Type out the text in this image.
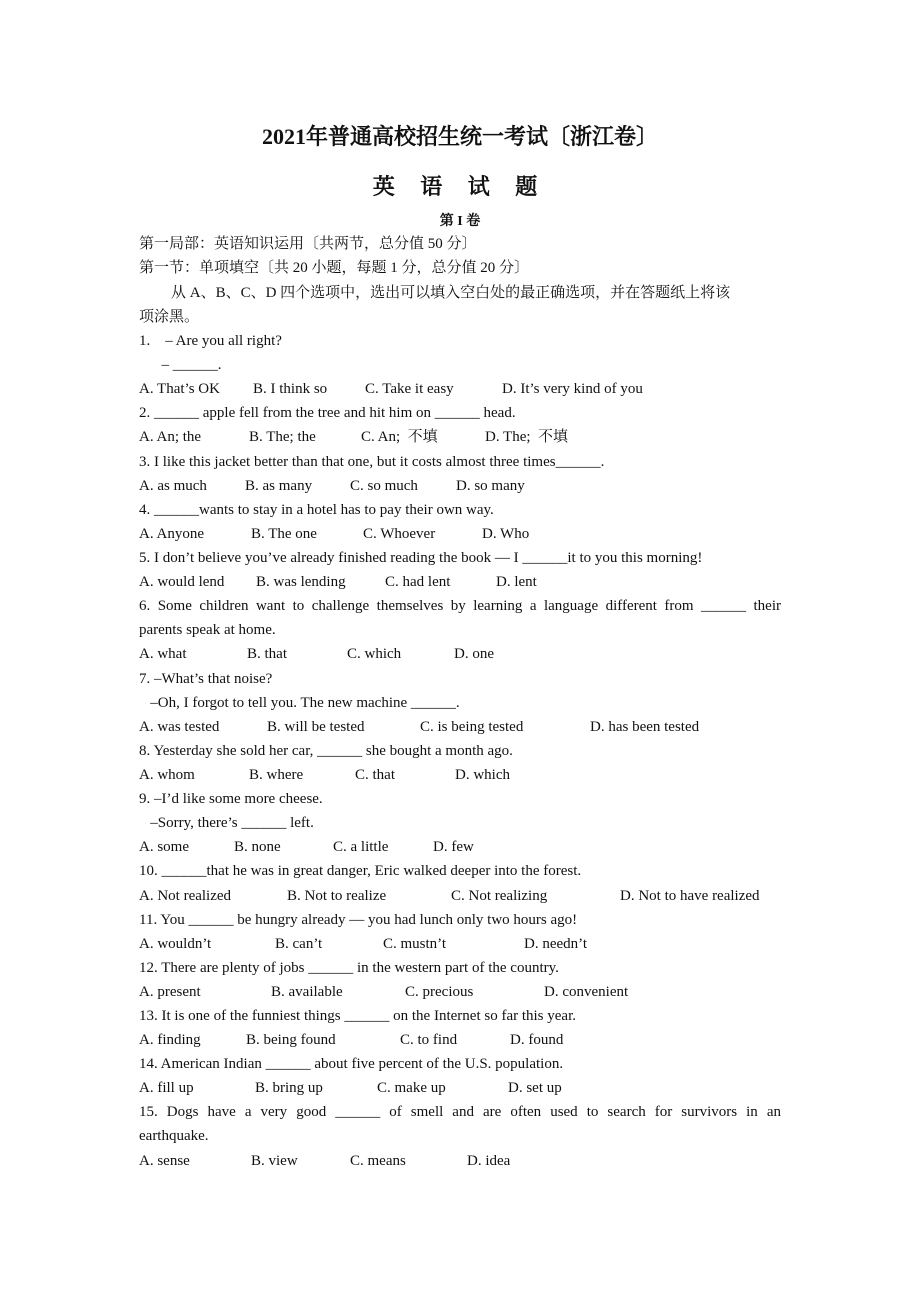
2021年普通高校招生统一考试〔浙江卷〕
英 语 试 题
第 I 卷
第一局部：英语知识运用〔共两节，总分值 50 分〕
第一节：单项填空〔共 20 小题，每题 1 分，总分值 20 分〕
从 A、B、C、D 四个选项中，选出可以填入空白处的最正确选项，并在答题纸上将该
项涂黑。
1.    – Are you all right?
– ______.
A. That’s OK B. I think so	C. Take it easy	D. It’s very kind of you
2. ______ apple fell from the tree and hit him on ______ head.
A. An; the	B. The; the	C. An;  不填	D. The;  不填
3. I like this jacket better than that one, but it costs almost three times______.
A. as much	B. as many	C. so much	D. so many
4. ______wants to stay in a hotel has to pay their own way.
A. Anyone	B. The one	C. Whoever	D. Who
5. I don’t believe you’ve already finished reading the book — I ______it to you this morning!
A. would lend B. was lending	C. had lent	D. lent
6. Some children want to challenge themselves by learning a language different from ______ their
parents speak at home.
A. what	B. that	C. which	D. one
7. –What’s that noise?
–Oh, I forgot to tell you. The new machine ______.
A. was tested	B. will be tested	C. is being tested	D. has been tested
8. Yesterday she sold her car, ______ she bought a month ago.
A. whom	B. where	C. that	D. which
9. –I’d like some more cheese.
–Sorry, there’s ______ left.
A. some	B. none	C. a little	D. few
10. ______that he was in great danger, Eric walked deeper into the forest.
A. Not realized	B. Not to realize	C. Not realizing	D. Not to have realized
11. You ______ be hungry already — you had lunch only two hours ago!
A. wouldn’t	B. can’t	C. mustn’t	D. needn’t
12. There are plenty of jobs ______ in the western part of the country.
A. present	B. available	C. precious	D. convenient
13. It is one of the funniest things ______ on the Internet so far this year.
A. finding	B. being found	C. to find	D. found
14. American Indian ______ about five percent of the U.S. population.
A. fill up	B. bring up	C. make up	D. set up
15. Dogs have a very good ______ of smell and are often used to search for survivors in an
earthquake.
A. sense	B. view	C. means	D. idea
